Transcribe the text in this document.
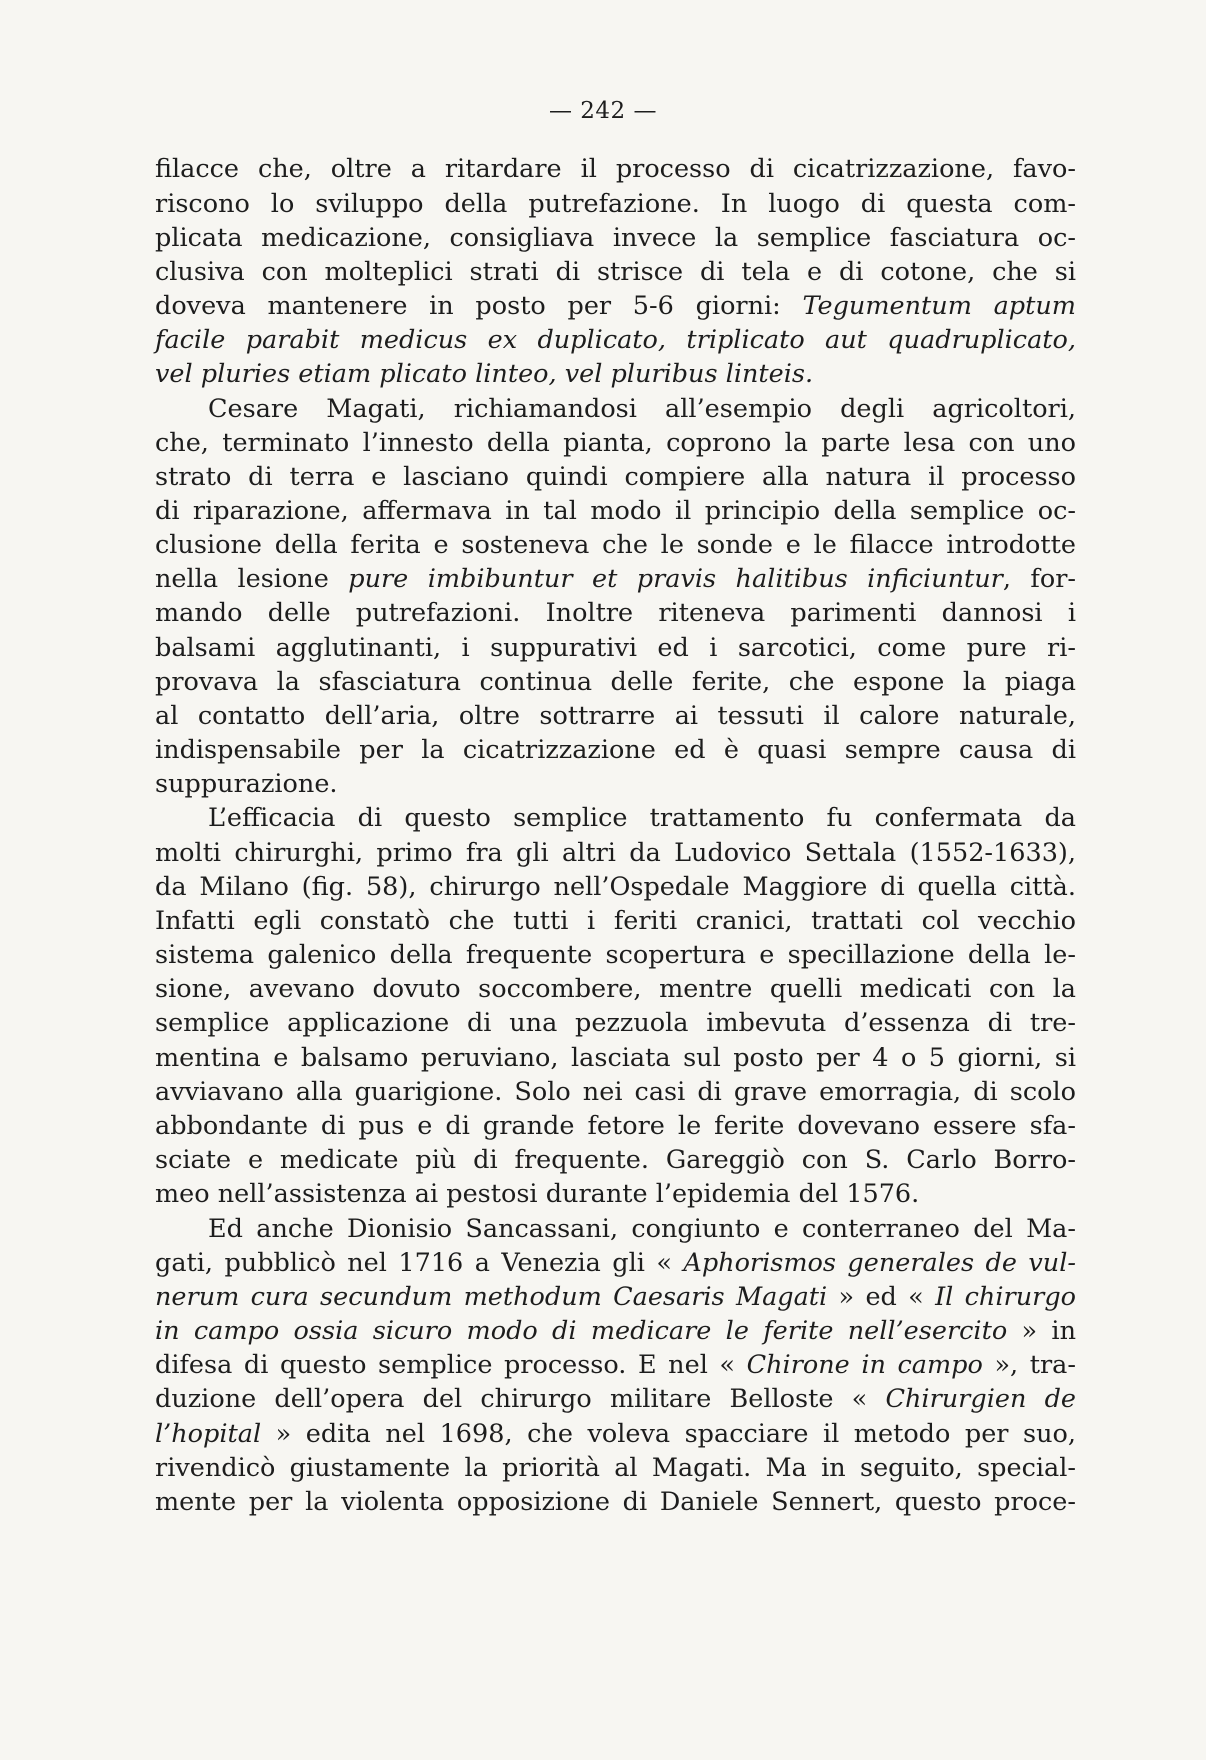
— 242 —
filacce che, oltre a ritardare il processo di cicatrizzazione, favo-
riscono lo sviluppo della putrefazione. In luogo di questa com-
plicata medicazione, consigliava invece la semplice fasciatura oc-
clusiva con molteplici strati di strisce di tela e di cotone, che si
doveva mantenere in posto per 5-6 giorni: Tegumentum aptum
facile parabit medicus ex duplicato, triplicato aut quadruplicato,
vel pluries etiam plicato linteo, vel pluribus linteis.
Cesare Magati, richiamandosi all’esempio degli agricoltori,
che, terminato l’innesto della pianta, coprono la parte lesa con uno
strato di terra e lasciano quindi compiere alla natura il processo
di riparazione, affermava in tal modo il principio della semplice oc-
clusione della ferita e sosteneva che le sonde e le filacce introdotte
nella lesione pure imbibuntur et pravis halitibus inficiuntur, for-
mando delle putrefazioni. Inoltre riteneva parimenti dannosi i
balsami agglutinanti, i suppurativi ed i sarcotici, come pure ri-
provava la sfasciatura continua delle ferite, che espone la piaga
al contatto dell’aria, oltre sottrarre ai tessuti il calore naturale,
indispensabile per la cicatrizzazione ed è quasi sempre causa di
suppurazione.
L’efficacia di questo semplice trattamento fu confermata da
molti chirurghi, primo fra gli altri da Ludovico Settala (1552-1633),
da Milano (fig. 58), chirurgo nell’Ospedale Maggiore di quella città.
Infatti egli constatò che tutti i feriti cranici, trattati col vecchio
sistema galenico della frequente scopertura e specillazione della le-
sione, avevano dovuto soccombere, mentre quelli medicati con la
semplice applicazione di una pezzuola imbevuta d’essenza di tre-
mentina e balsamo peruviano, lasciata sul posto per 4 o 5 giorni, si
avviavano alla guarigione. Solo nei casi di grave emorragia, di scolo
abbondante di pus e di grande fetore le ferite dovevano essere sfa-
sciate e medicate più di frequente. Gareggiò con S. Carlo Borro-
meo nell’assistenza ai pestosi durante l’epidemia del 1576.
Ed anche Dionisio Sancassani, congiunto e conterraneo del Ma-
gati, pubblicò nel 1716 a Venezia gli « Aphorismos generales de vul-
nerum cura secundum methodum Caesaris Magati » ed « Il chirurgo
in campo ossia sicuro modo di medicare le ferite nell’esercito » in
difesa di questo semplice processo. E nel « Chirone in campo », tra-
duzione dell’opera del chirurgo militare Belloste « Chirurgien de
l’hopital » edita nel 1698, che voleva spacciare il metodo per suo,
rivendicò giustamente la priorità al Magati. Ma in seguito, special-
mente per la violenta opposizione di Daniele Sennert, questo proce-
